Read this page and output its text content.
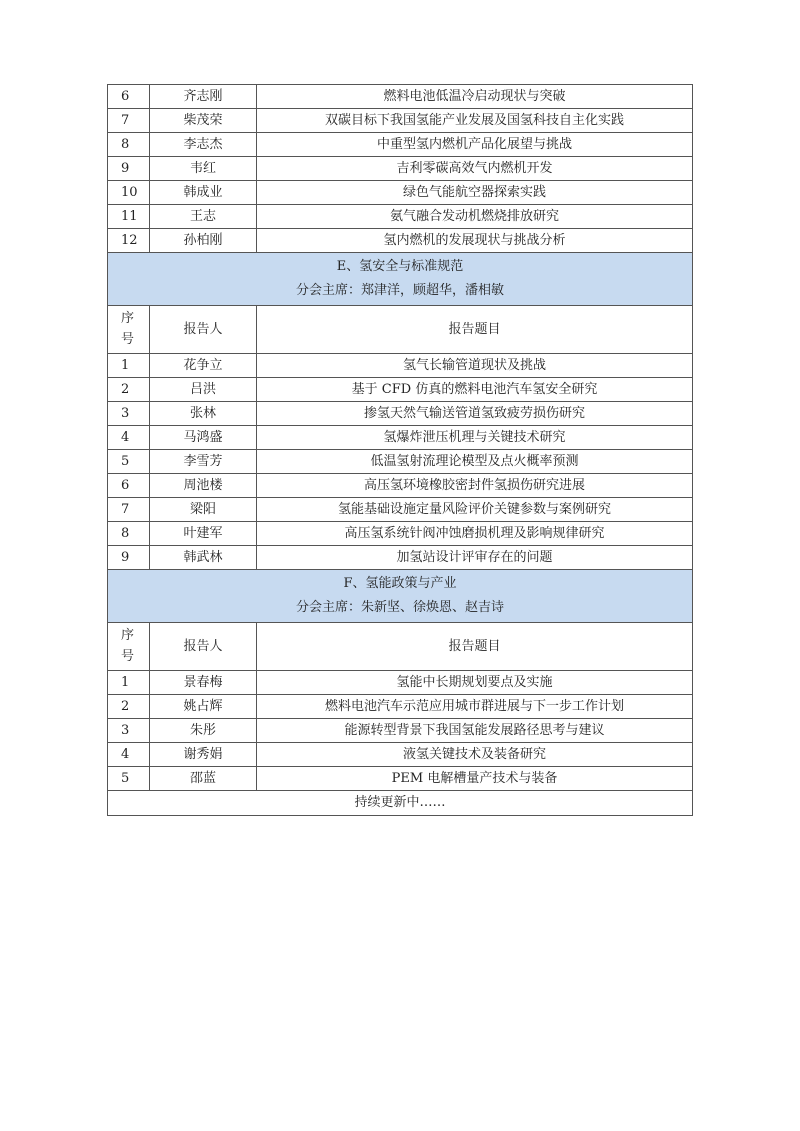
6	齐志刚	燃料电池低温冷启动现状与突破
7	柴茂荣	双碳目标下我国氢能产业发展及国氢科技自主化实践
8	李志杰	中重型氢内燃机产品化展望与挑战
9	韦红	吉利零碳高效气内燃机开发
10	韩成业	绿色气能航空器探索实践
11	王志	氨气融合发动机燃烧排放研究
12	孙柏刚	氢内燃机的发展现状与挑战分析

E、氢安全与标准规范
分会主席：郑津洋，顾超华，潘相敏		

序
号	报告人	报告题目
1	花争立	氢气长输管道现状及挑战
2	吕洪	基于 CFD 仿真的燃料电池汽车氢安全研究
3	张林	掺氢天然气输送管道氢致疲劳损伤研究
4	马鸿盛	氢爆炸泄压机理与关键技术研究
5	李雪芳	低温氢射流理论模型及点火概率预测
6	周池楼	高压氢环境橡胶密封件氢损伤研究进展
7	梁阳	氢能基础设施定量风险评价关键参数与案例研究
8	叶建军	高压氢系统针阀冲蚀磨损机理及影响规律研究
9	韩武林	加氢站设计评审存在的问题

F、氢能政策与产业
分会主席：朱新坚、徐焕恩、赵吉诗		

序
号	报告人	报告题目
1	景春梅	氢能中长期规划要点及实施
2	姚占辉	燃料电池汽车示范应用城市群进展与下一步工作计划
3	朱彤	能源转型背景下我国氢能发展路径思考与建议
4	谢秀娟	液氢关键技术及装备研究
5	邵蓝	PEM 电解槽量产技术与装备
持续更新中……		
